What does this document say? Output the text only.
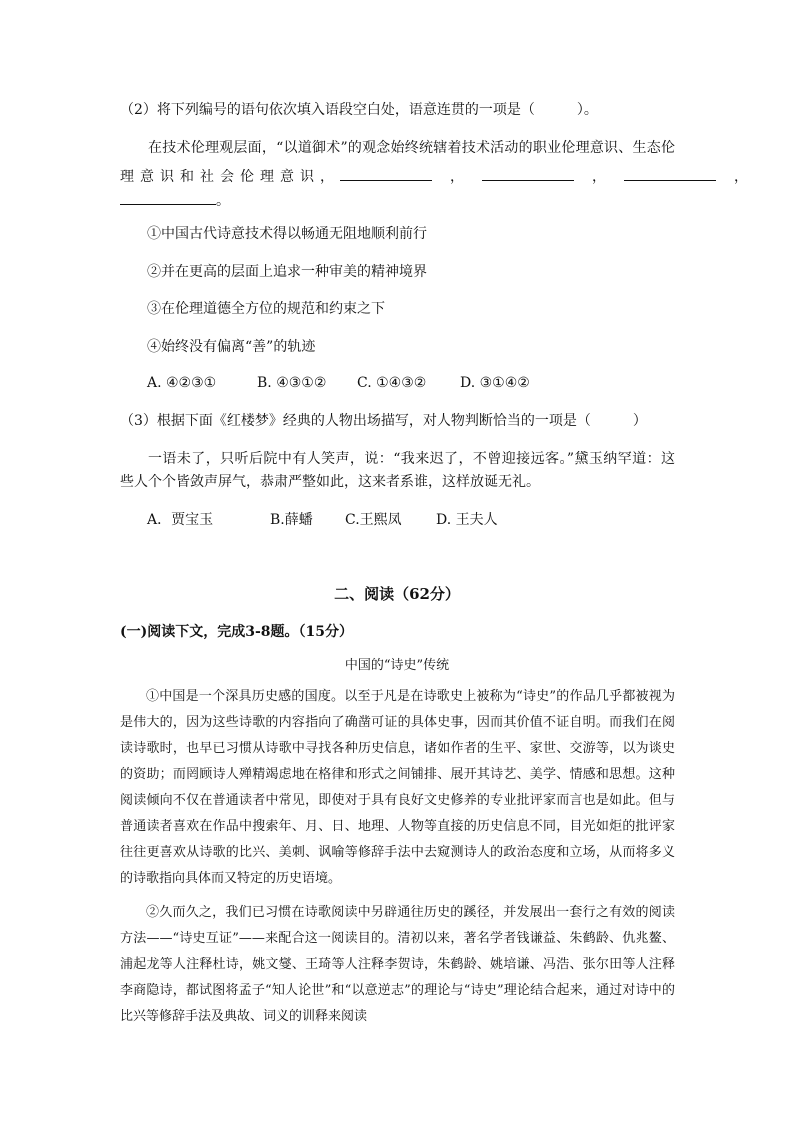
（2）将下列编号的语句依次填入语段空白处，语意连贯的一项是（　　　）。
在技术伦理观层面，“以道御术”的观念始终统辖着技术活动的职业伦理意识、生态伦
理意识和社会伦理意识，	，	，	，
。
①中国古代诗意技术得以畅通无阻地顺利前行
②并在更高的层面上追求一种审美的精神境界
③在伦理道德全方位的规范和约束之下
④始终没有偏离“善”的轨迹
A. ④②③①	B. ④③①② C. ①④③② D. ③①④②
（3）根据下面《红楼梦》经典的人物出场描写，对人物判断恰当的一项是（　　　）
一语未了，只听后院中有人笑声，说：“我来迟了，不曾迎接远客。”黛玉纳罕道：这
些人个个皆敛声屏气，恭肃严整如此，这来者系谁，这样放诞无礼。
A．贾宝玉	B.薛蟠 C.王熙凤 D. 王夫人
二、阅读（62分）
(一)阅读下文，完成3-8题。（15分）
中国的“诗史”传统

①中国是一个深具历史感的国度。以至于凡是在诗歌史上被称为“诗史”的作品几乎都被视为是伟大的，因为这些诗歌的内容指向了确凿可证的具体史事，因而其价值不证自明。而我们在阅读诗歌时，也早已习惯从诗歌中寻找各种历史信息，诸如作者的生平、家世、交游等，以为谈史的资助；而罔顾诗人殚精竭虑地在格律和形式之间铺排、展开其诗艺、美学、情感和思想。这种阅读倾向不仅在普通读者中常见，即使对于具有良好文史修养的专业批评家而言也是如此。但与普通读者喜欢在作品中搜索年、月、日、地理、人物等直接的历史信息不同，目光如炬的批评家往往更喜欢从诗歌的比兴、美刺、讽喻等修辞手法中去窥测诗人的政治态度和立场，从而将多义的诗歌指向具体而又特定的历史语境。

②久而久之，我们已习惯在诗歌阅读中另辟通往历史的蹊径，并发展出一套行之有效的阅读方法——“诗史互证”——来配合这一阅读目的。清初以来，著名学者钱谦益、朱鹤龄、仇兆鳌、浦起龙等人注释杜诗，姚文燮、王琦等人注释李贺诗，朱鹤龄、姚培谦、冯浩、张尔田等人注释李商隐诗，都试图将孟子“知人论世”和“以意逆志”的理论与“诗史”理论结合起来，通过对诗中的比兴等修辞手法及典故、词义的训释来阅读
